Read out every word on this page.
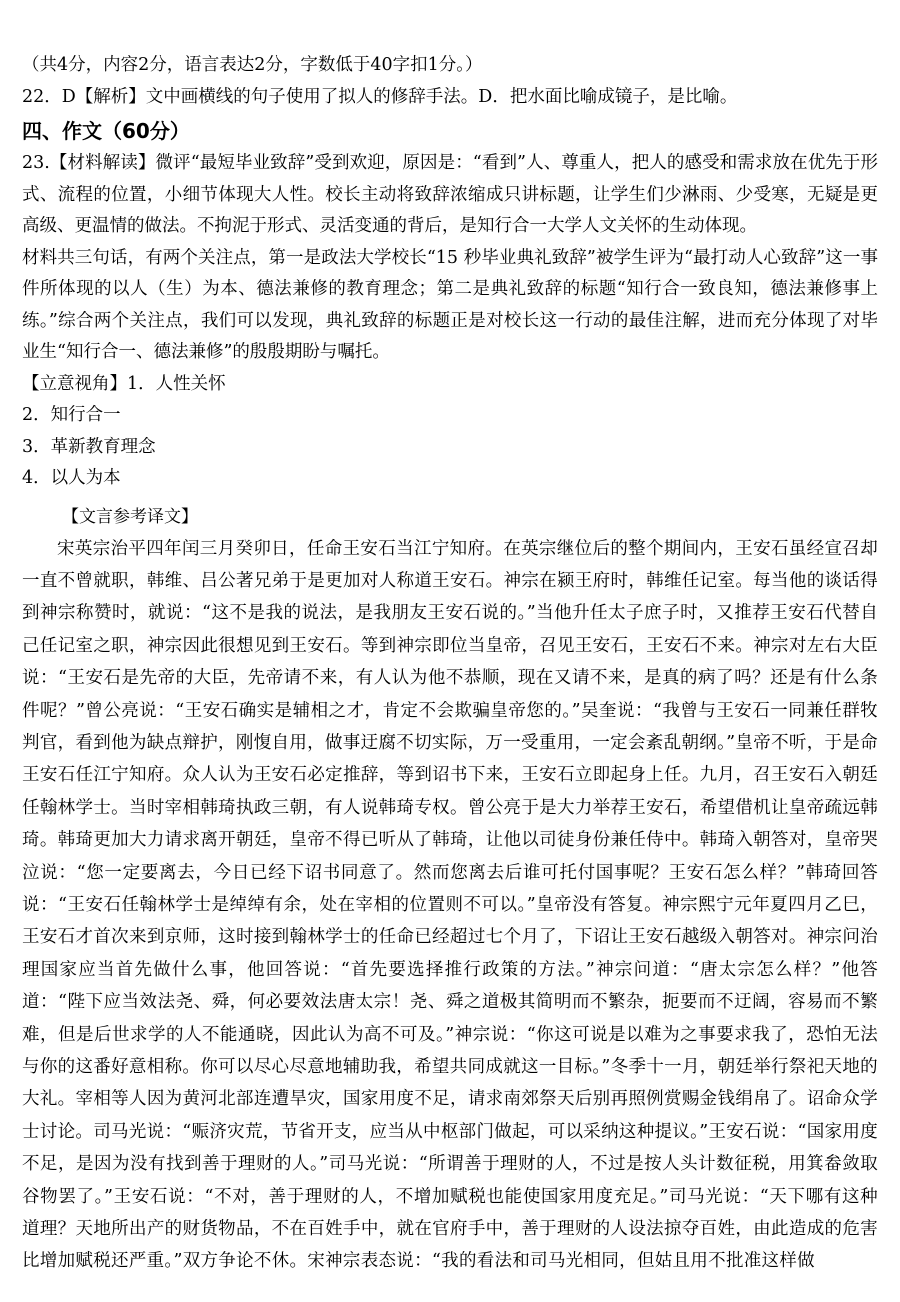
（共4分，内容2分，语言表达2分，字数低于40字扣1分。）

22．D【解析】文中画横线的句子使用了拟人的修辞手法。D．把水面比喻成镜子，是比喻。

四、作文（60分）

23.【材料解读】微评“最短毕业致辞”受到欢迎，原因是：“看到”人、尊重人，把人的感受和需求放在优先于形式、流程的位置，小细节体现大人性。校长主动将致辞浓缩成只讲标题，让学生们少淋雨、少受寒，无疑是更高级、更温情的做法。不拘泥于形式、灵活变通的背后，是知行合一大学人文关怀的生动体现。

材料共三句话，有两个关注点，第一是政法大学校长“15 秒毕业典礼致辞”被学生评为“最打动人心致辞”这一事件所体现的以人（生）为本、德法兼修的教育理念；第二是典礼致辞的标题“知行合一致良知，德法兼修事上练。”综合两个关注点，我们可以发现，典礼致辞的标题正是对校长这一行动的最佳注解，进而充分体现了对毕业生“知行合一、德法兼修”的殷殷期盼与嘱托。

【立意视角】1．人性关怀

2．知行合一

3．革新教育理念

4．以人为本

【文言参考译文】

宋英宗治平四年闰三月癸卯日，任命王安石当江宁知府。在英宗继位后的整个期间内，王安石虽经宣召却一直不曾就职，韩维、吕公著兄弟于是更加对人称道王安石。神宗在颍王府时，韩维任记室。每当他的谈话得到神宗称赞时，就说：“这不是我的说法，是我朋友王安石说的。”当他升任太子庶子时，又推荐王安石代替自己任记室之职，神宗因此很想见到王安石。等到神宗即位当皇帝，召见王安石，王安石不来。神宗对左右大臣说：“王安石是先帝的大臣，先帝请不来，有人认为他不恭顺，现在又请不来，是真的病了吗？还是有什么条件呢？”曾公亮说：“王安石确实是辅相之才，肯定不会欺骗皇帝您的。”吴奎说：“我曾与王安石一同兼任群牧判官，看到他为缺点辩护，刚愎自用，做事迂腐不切实际，万一受重用，一定会紊乱朝纲。”皇帝不听，于是命王安石任江宁知府。众人认为王安石必定推辞，等到诏书下来，王安石立即起身上任。九月，召王安石入朝廷任翰林学士。当时宰相韩琦执政三朝，有人说韩琦专权。曾公亮于是大力举荐王安石，希望借机让皇帝疏远韩琦。韩琦更加大力请求离开朝廷，皇帝不得已听从了韩琦，让他以司徒身份兼任侍中。韩琦入朝答对，皇帝哭泣说：“您一定要离去，今日已经下诏书同意了。然而您离去后谁可托付国事呢？王安石怎么样？”韩琦回答说：“王安石任翰林学士是绰绰有余，处在宰相的位置则不可以。”皇帝没有答复。神宗熙宁元年夏四月乙巳，王安石才首次来到京师，这时接到翰林学士的任命已经超过七个月了，下诏让王安石越级入朝答对。神宗问治理国家应当首先做什么事，他回答说：“首先要选择推行政策的方法。”神宗问道：“唐太宗怎么样？”他答道：“陛下应当效法尧、舜，何必要效法唐太宗！尧、舜之道极其简明而不繁杂，扼要而不迂阔，容易而不繁难，但是后世求学的人不能通晓，因此认为高不可及。”神宗说：“你这可说是以难为之事要求我了，恐怕无法与你的这番好意相称。你可以尽心尽意地辅助我，希望共同成就这一目标。”冬季十一月，朝廷举行祭祀天地的大礼。宰相等人因为黄河北部连遭旱灾，国家用度不足，请求南郊祭天后别再照例赏赐金钱绢帛了。诏命众学士讨论。司马光说：“赈济灾荒，节省开支，应当从中枢部门做起，可以采纳这种提议。”王安石说：“国家用度不足，是因为没有找到善于理财的人。”司马光说：“所谓善于理财的人，不过是按人头计数征税，用箕畚敛取谷物罢了。”王安石说：“不对，善于理财的人，不增加赋税也能使国家用度充足。”司马光说：“天下哪有这种道理？天地所出产的财货物品，不在百姓手中，就在官府手中，善于理财的人设法掠夺百姓，由此造成的危害比增加赋税还严重。”双方争论不休。宋神宗表态说：“我的看法和司马光相同，但姑且用不批准这样做
